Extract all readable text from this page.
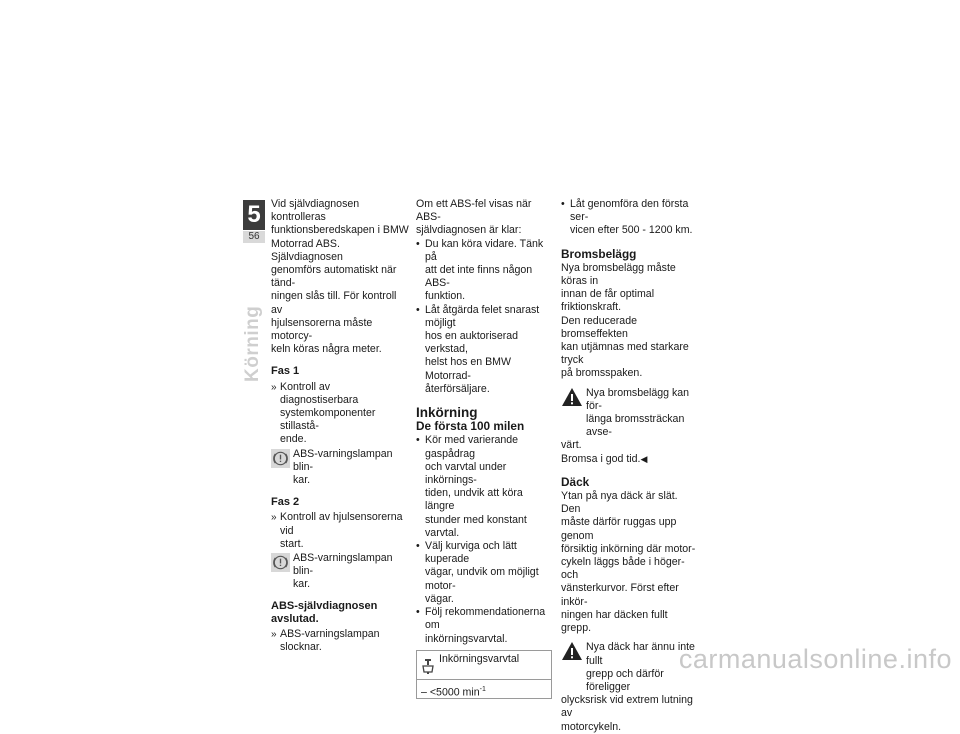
5
56
Körning

Vid självdiagnosen kontrolleras

funktionsberedskapen i BMW

Motorrad ABS. Självdiagnosen

genomförs automatiskt när tänd-

ningen slås till. För kontroll av

hjulsensorerna måste motorcy-

keln köras några meter.

Fas 1

» Kontroll av diagnostiserbara

systemkomponenter stillastå-

ende.

ABS-varningslampan blin-

kar.

Fas 2

» Kontroll av hjulsensorerna vid

start.

ABS-varningslampan blin-

kar.

ABS-självdiagnosen

avslutad.

» ABS-varningslampan slocknar.

Om ett ABS-fel visas när ABS-

självdiagnosen är klar:

• Du kan köra vidare. Tänk på

att det inte finns någon ABS-

funktion.

• Låt åtgärda felet snarast möjligt

hos en auktoriserad verkstad,

helst hos en BMW Motorrad-

återförsäljare.

Inkörning

De första 100 milen

• Kör med varierande gaspådrag

och varvtal under inkörnings-

tiden, undvik att köra längre

stunder med konstant varvtal.

• Välj kurviga och lätt kuperade

vägar, undvik om möjligt motor-

vägar.

• Följ rekommendationerna om

inkörningsvarvtal.

Inkörningsvarvtal
– <5000 $\min^{-1}$
• Låt genomföra den första ser-

vicen efter 500 - 1200 km.

Bromsbelägg

Nya bromsbelägg måste köras in

innan de får optimal friktionskraft.

Den reducerade bromseffekten

kan utjämnas med starkare tryck

på bromsspaken.

Nya bromsbelägg kan för-

länga bromssträckan avse-

värt.

Bromsa i god tid.◀

Däck

Ytan på nya däck är slät. Den

måste därför ruggas upp genom

försiktig inkörning där motor-

cykeln läggs både i höger- och

vänsterkurvor. Först efter inkör-

ningen har däcken fullt grepp.

Nya däck har ännu inte fullt

grepp och därför föreligger

olycksrisk vid extrem lutning av

motorcykeln.

carmanualsonline.info
